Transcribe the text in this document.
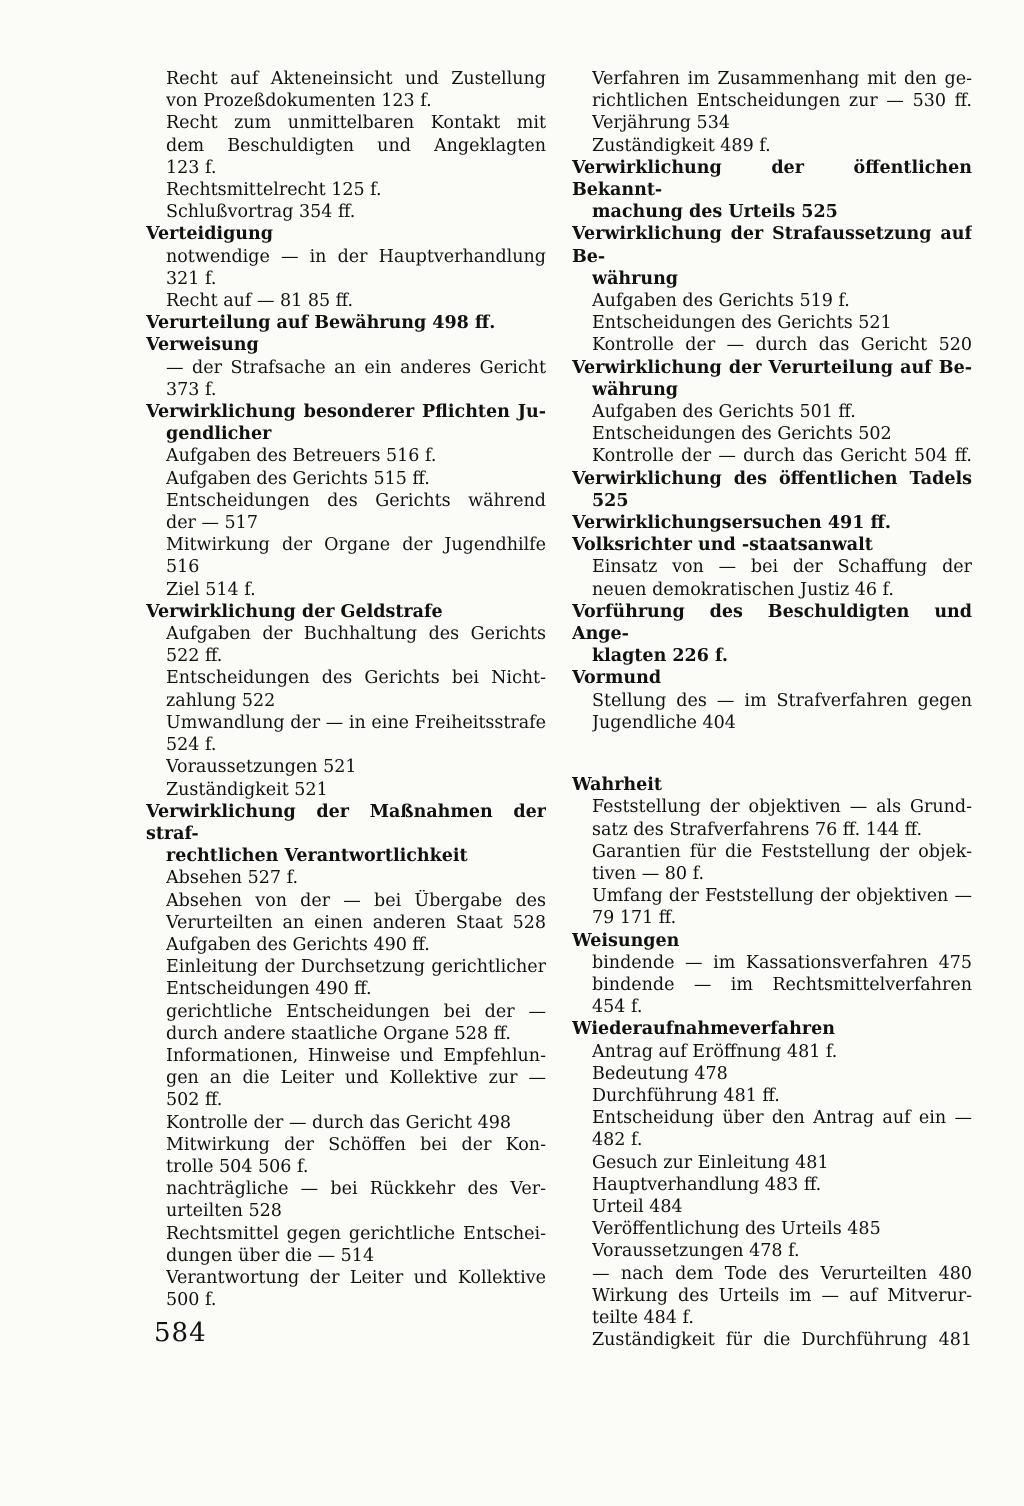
Recht auf Akteneinsicht und Zustellung
von Prozeßdokumenten 123 f.
Recht zum unmittelbaren Kontakt mit
dem Beschuldigten und Angeklagten
123 f.
Rechtsmittelrecht 125 f.
Schlußvortrag 354 ff.
Verteidigung
notwendige — in der Hauptverhandlung
321 f.
Recht auf — 81 85 ff.
Verurteilung auf Bewährung 498 ff.
Verweisung
— der Strafsache an ein anderes Gericht
373 f.
Verwirklichung besonderer Pflichten Ju-
gendlicher
Aufgaben des Betreuers 516 f.
Aufgaben des Gerichts 515 ff.
Entscheidungen des Gerichts während
der — 517
Mitwirkung der Organe der Jugendhilfe
516
Ziel 514 f.
Verwirklichung der Geldstrafe
Aufgaben der Buchhaltung des Gerichts
522 ff.
Entscheidungen des Gerichts bei Nicht-
zahlung 522
Umwandlung der — in eine Freiheitsstrafe
524 f.
Voraussetzungen 521
Zuständigkeit 521
Verwirklichung der Maßnahmen der straf-
rechtlichen Verantwortlichkeit
Absehen 527 f.
Absehen von der — bei Übergabe des
Verurteilten an einen anderen Staat 528
Aufgaben des Gerichts 490 ff.
Einleitung der Durchsetzung gerichtlicher
Entscheidungen 490 ff.
gerichtliche Entscheidungen bei der —
durch andere staatliche Organe 528 ff.
Informationen, Hinweise und Empfehlun-
gen an die Leiter und Kollektive zur —
502 ff.
Kontrolle der — durch das Gericht 498
Mitwirkung der Schöffen bei der Kon-
trolle 504 506 f.
nachträgliche — bei Rückkehr des Ver-
urteilten 528
Rechtsmittel gegen gerichtliche Entschei-
dungen über die — 514
Verantwortung der Leiter und Kollektive
500 f.
Verfahren im Zusammenhang mit den ge-
richtlichen Entscheidungen zur — 530 ff.
Verjährung 534
Zuständigkeit 489 f.
Verwirklichung der öffentlichen Bekannt-
machung des Urteils 525
Verwirklichung der Strafaussetzung auf Be-
währung
Aufgaben des Gerichts 519 f.
Entscheidungen des Gerichts 521
Kontrolle der — durch das Gericht 520
Verwirklichung der Verurteilung auf Be-
währung
Aufgaben des Gerichts 501 ff.
Entscheidungen des Gerichts 502
Kontrolle der — durch das Gericht 504 ff.
Verwirklichung des öffentlichen Tadels
525
Verwirklichungsersuchen 491 ff.
Volksrichter und -staatsanwalt
Einsatz von — bei der Schaffung der
neuen demokratischen Justiz 46 f.
Vorführung des Beschuldigten und Ange-
klagten 226 f.
Vormund
Stellung des — im Strafverfahren gegen
Jugendliche 404
Wahrheit
Feststellung der objektiven — als Grund-
satz des Strafverfahrens 76 ff. 144 ff.
Garantien für die Feststellung der objek-
tiven — 80 f.
Umfang der Feststellung der objektiven —
79 171 ff.
Weisungen
bindende — im Kassationsverfahren 475
bindende — im Rechtsmittelverfahren
454 f.
Wiederaufnahmeverfahren
Antrag auf Eröffnung 481 f.
Bedeutung 478
Durchführung 481 ff.
Entscheidung über den Antrag auf ein —
482 f.
Gesuch zur Einleitung 481
Hauptverhandlung 483 ff.
Urteil 484
Veröffentlichung des Urteils 485
Voraussetzungen 478 f.
— nach dem Tode des Verurteilten 480
Wirkung des Urteils im — auf Mitverur-
teilte 484 f.
Zuständigkeit für die Durchführung 481
584
